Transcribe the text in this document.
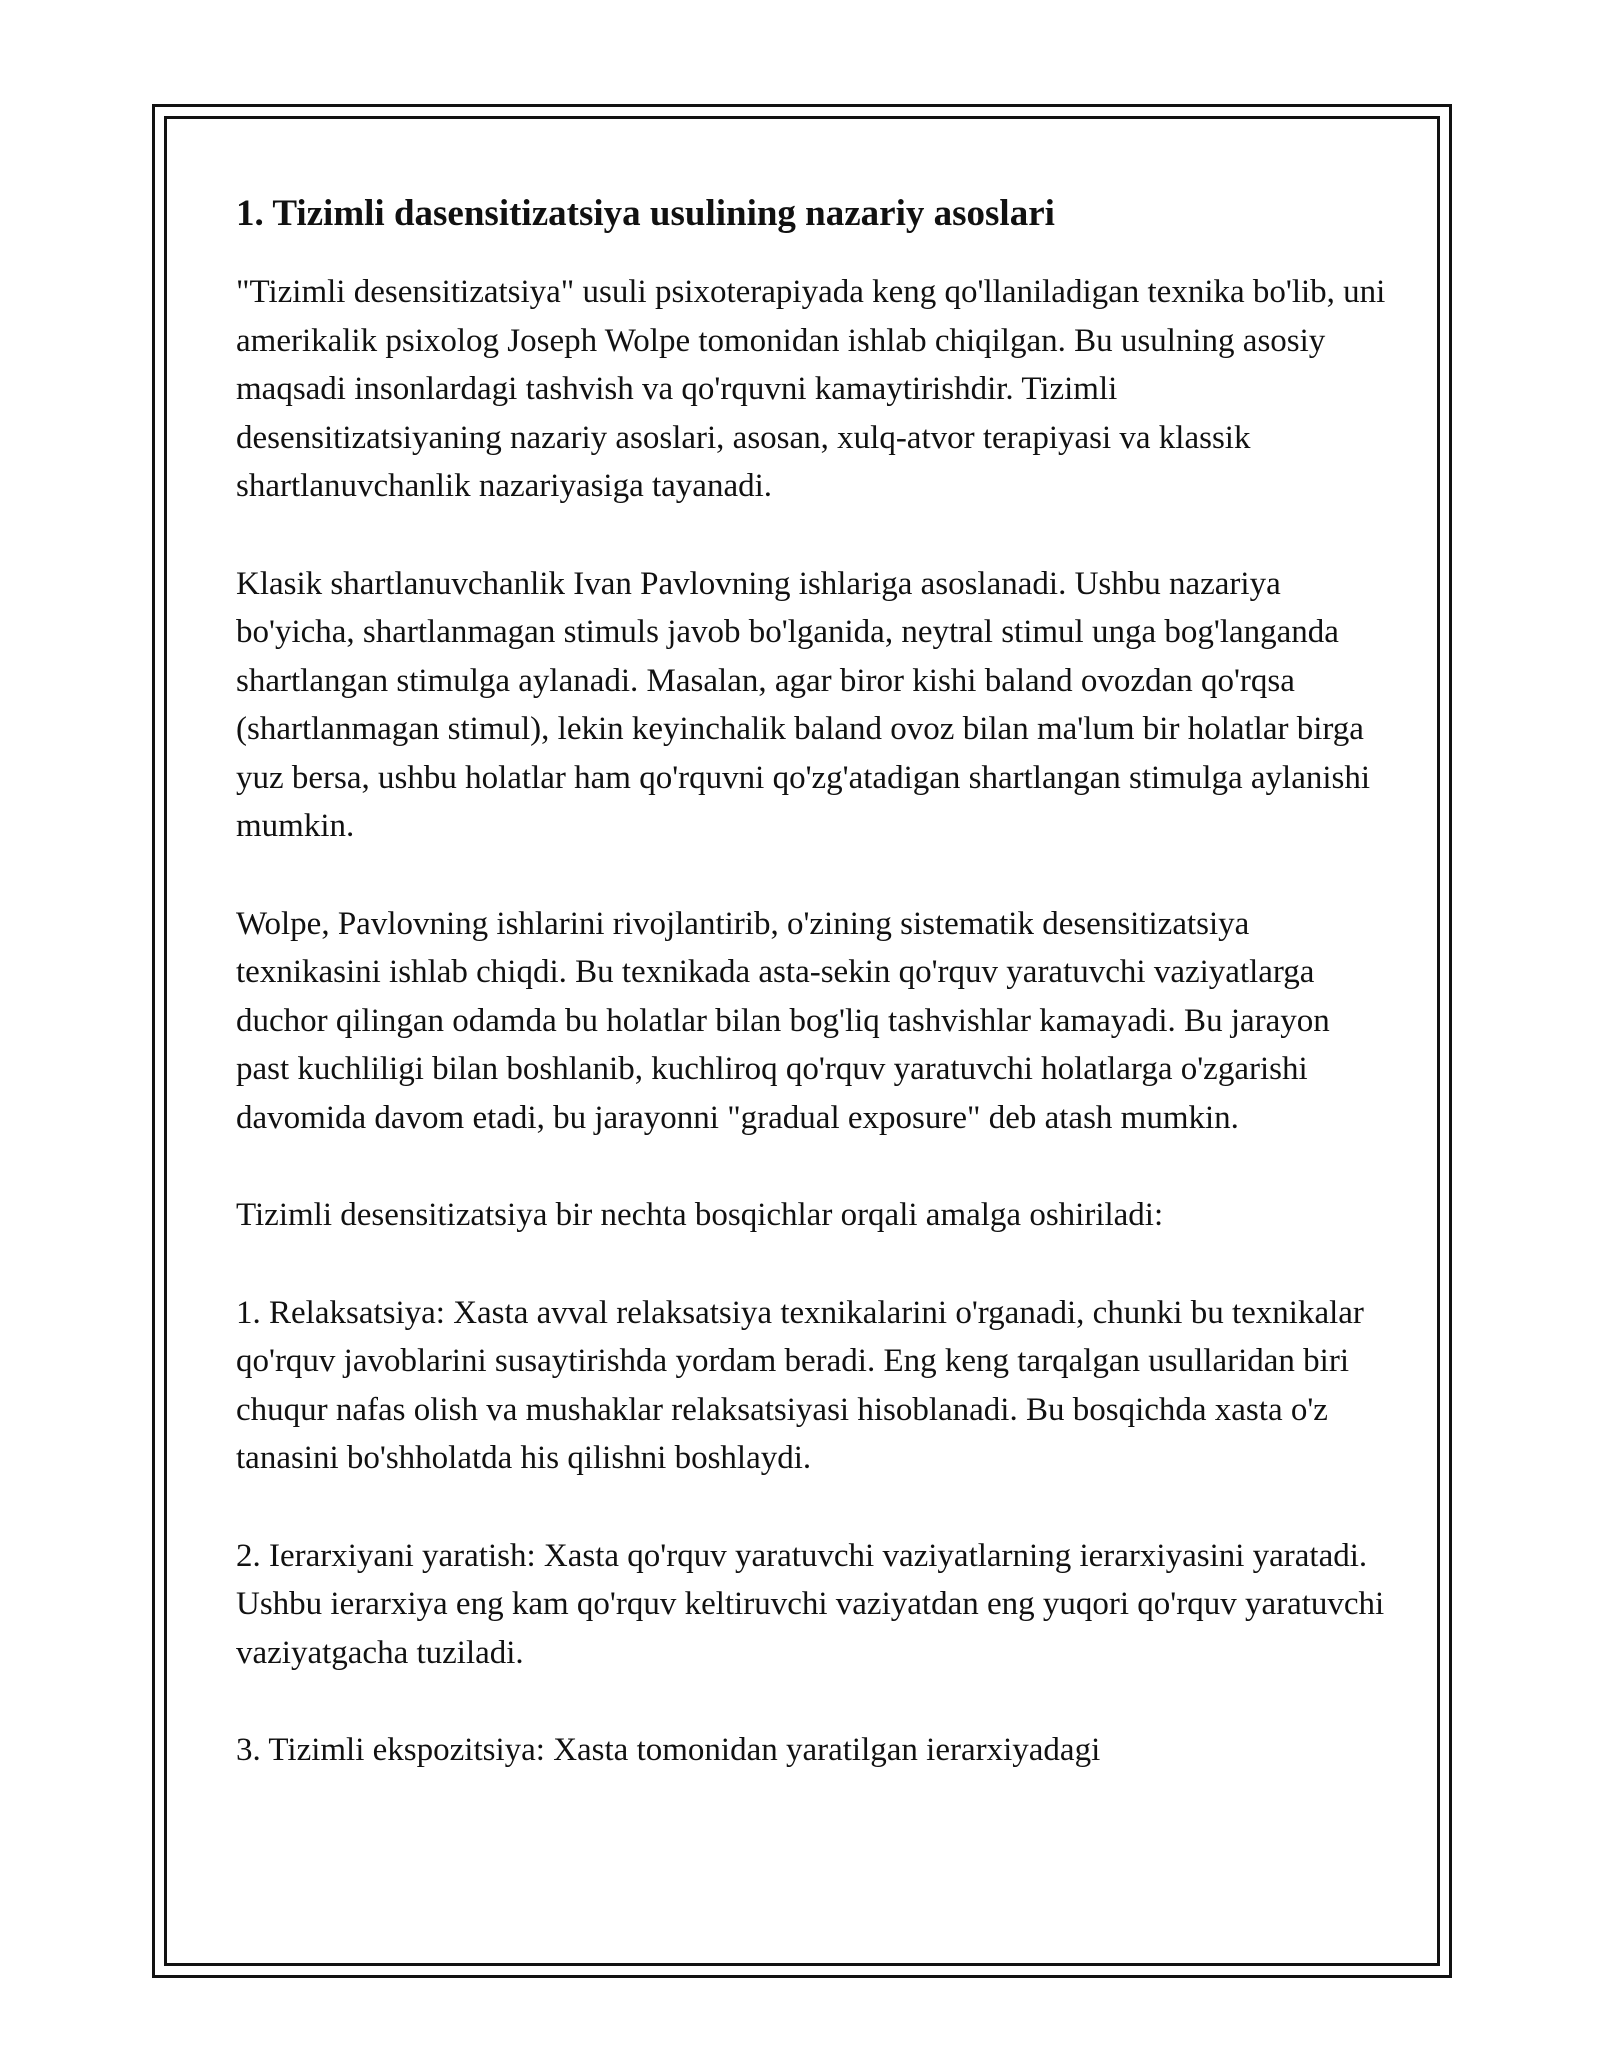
1. Tizimli dasensitizatsiya usulining nazariy asoslari

"Tizimli desensitizatsiya" usuli psixoterapiyada keng qo'llaniladigan texnika bo'lib, uni amerikalik psixolog Joseph Wolpe tomonidan ishlab chiqilgan. Bu usulning asosiy maqsadi insonlardagi tashvish va qo'rquvni kamaytirishdir. Tizimli desensitizatsiyaning nazariy asoslari, asosan, xulq-atvor terapiyasi va klassik shartlanuvchanlik nazariyasiga tayanadi.

Klasik shartlanuvchanlik Ivan Pavlovning ishlariga asoslanadi. Ushbu nazariya bo'yicha, shartlanmagan stimuls javob bo'lganida, neytral stimul unga bog'langanda shartlangan stimulga aylanadi. Masalan, agar biror kishi baland ovozdan qo'rqsa (shartlanmagan stimul), lekin keyinchalik baland ovoz bilan ma'lum bir holatlar birga yuz bersa, ushbu holatlar ham qo'rquvni qo'zg'atadigan shartlangan stimulga aylanishi mumkin.

Wolpe, Pavlovning ishlarini rivojlantirib, o'zining sistematik desensitizatsiya texnikasini ishlab chiqdi. Bu texnikada asta-sekin qo'rquv yaratuvchi vaziyatlarga duchor qilingan odamda bu holatlar bilan bog'liq tashvishlar kamayadi. Bu jarayon past kuchliligi bilan boshlanib, kuchliroq qo'rquv yaratuvchi holatlarga o'zgarishi davomida davom etadi, bu jarayonni "gradual exposure" deb atash mumkin.

Tizimli desensitizatsiya bir nechta bosqichlar orqali amalga oshiriladi:

1. Relaksatsiya: Xasta avval relaksatsiya texnikalarini o'rganadi, chunki bu texnikalar qo'rquv javoblarini susaytirishda yordam beradi. Eng keng tarqalgan usullaridan biri chuqur nafas olish va mushaklar relaksatsiyasi hisoblanadi. Bu bosqichda xasta o'z tanasini bo'shholatda his qilishni boshlaydi.

2. Ierarxiyani yaratish: Xasta qo'rquv yaratuvchi vaziyatlarning ierarxiyasini yaratadi. Ushbu ierarxiya eng kam qo'rquv keltiruvchi vaziyatdan eng yuqori qo'rquv yaratuvchi vaziyatgacha tuziladi.

3. Tizimli ekspozitsiya: Xasta tomonidan yaratilgan ierarxiyadagi
